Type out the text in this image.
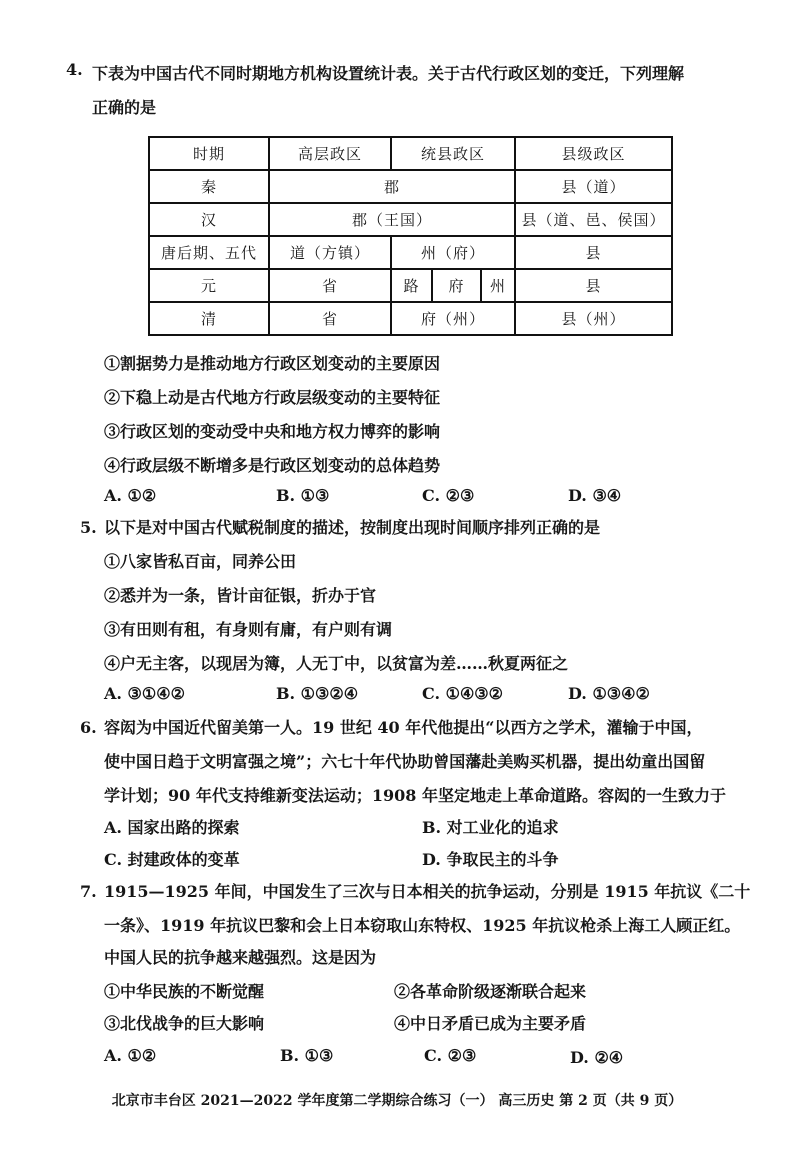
4. 下表为中国古代不同时期地方机构设置统计表。关于古代行政区划的变迁，下列理解
正确的是
时期	高层政区	统县政区			县级政区
秦	郡				县（道）
汉	郡（王国）				县（道、邑、侯国）
唐后期、五代	道（方镇）	州（府）			县
元	省	路	府	州	县
清	省	府（州）			县（州）
①割据势力是推动地方行政区划变动的主要原因
②下稳上动是古代地方行政层级变动的主要特征
③行政区划的变动受中央和地方权力博弈的影响
④行政层级不断增多是行政区划变动的总体趋势
A. ①②	B. ①③	C. ②③	D. ③④
5. 以下是对中国古代赋税制度的描述，按制度出现时间顺序排列正确的是
①八家皆私百亩，同养公田
②悉并为一条，皆计亩征银，折办于官
③有田则有租，有身则有庸，有户则有调
④户无主客，以现居为簿，人无丁中，以贫富为差……秋夏两征之
A. ③①④②	B. ①③②④	C. ①④③②	D. ①③④②
6. 容闳为中国近代留美第一人。19 世纪 40 年代他提出“以西方之学术，灌输于中国，
使中国日趋于文明富强之境”；六七十年代协助曾国藩赴美购买机器，提出幼童出国留
学计划；90 年代支持维新变法运动；1908 年坚定地走上革命道路。容闳的一生致力于
A. 国家出路的探索	B. 对工业化的追求
C. 封建政体的变革	D. 争取民主的斗争
7. 1915—1925 年间，中国发生了三次与日本相关的抗争运动，分别是 1915 年抗议《二十
一条》、1919 年抗议巴黎和会上日本窃取山东特权、1925 年抗议枪杀上海工人顾正红。
中国人民的抗争越来越强烈。这是因为
①中华民族的不断觉醒	②各革命阶级逐渐联合起来
③北伐战争的巨大影响	④中日矛盾已成为主要矛盾
A. ①②	B. ①③	C. ②③	D. ②④
北京市丰台区 2021—2022 学年度第二学期综合练习（一） 高三历史 第 2 页（共 9 页）
